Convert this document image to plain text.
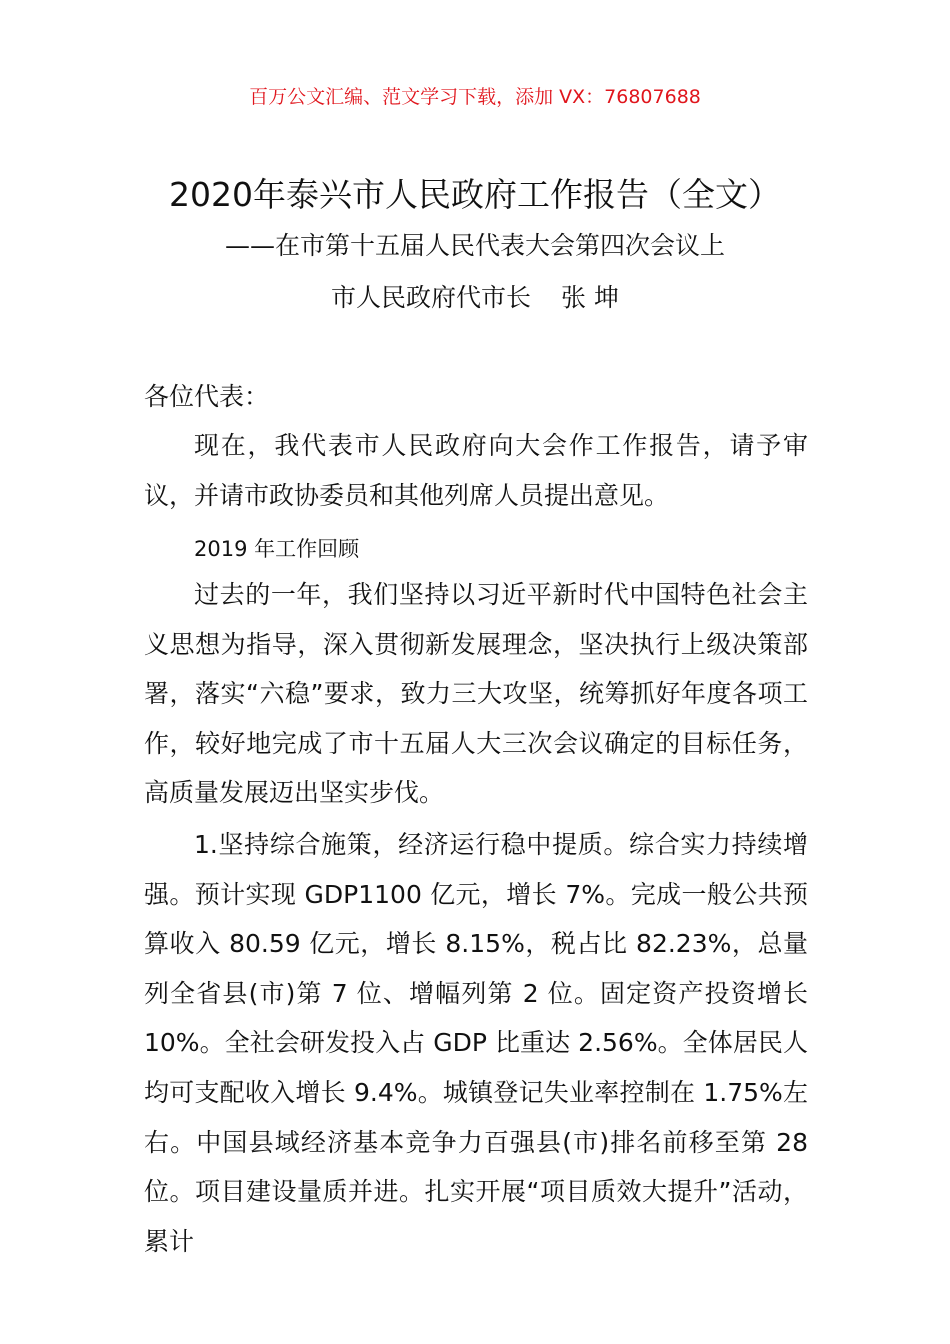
百万公文汇编、范文学习下载，添加 VX：76807688
2020年泰兴市人民政府工作报告（全文）
——在市第十五届人民代表大会第四次会议上
市人民政府代市长 张 坤

各位代表：

现在，我代表市人民政府向大会作工作报告，请予审议，并请市政协委员和其他列席人员提出意见。

2019 年工作回顾

过去的一年，我们坚持以习近平新时代中国特色社会主义思想为指导，深入贯彻新发展理念，坚决执行上级决策部署，落实“六稳”要求，致力三大攻坚，统筹抓好年度各项工作，较好地完成了市十五届人大三次会议确定的目标任务，高质量发展迈出坚实步伐。

1.坚持综合施策，经济运行稳中提质。综合实力持续增强。预计实现 GDP1100 亿元，增长 7%。完成一般公共预算收入 80.59 亿元，增长 8.15%，税占比 82.23%，总量列全省县(市)第 7 位、增幅列第 2 位。固定资产投资增长 10%。全社会研发投入占 GDP 比重达 2.56%。全体居民人均可支配收入增长 9.4%。城镇登记失业率控制在 1.75%左右。中国县域经济基本竞争力百强县(市)排名前移至第 28 位。项目建设量质并进。扎实开展“项目质效大提升”活动，累计
